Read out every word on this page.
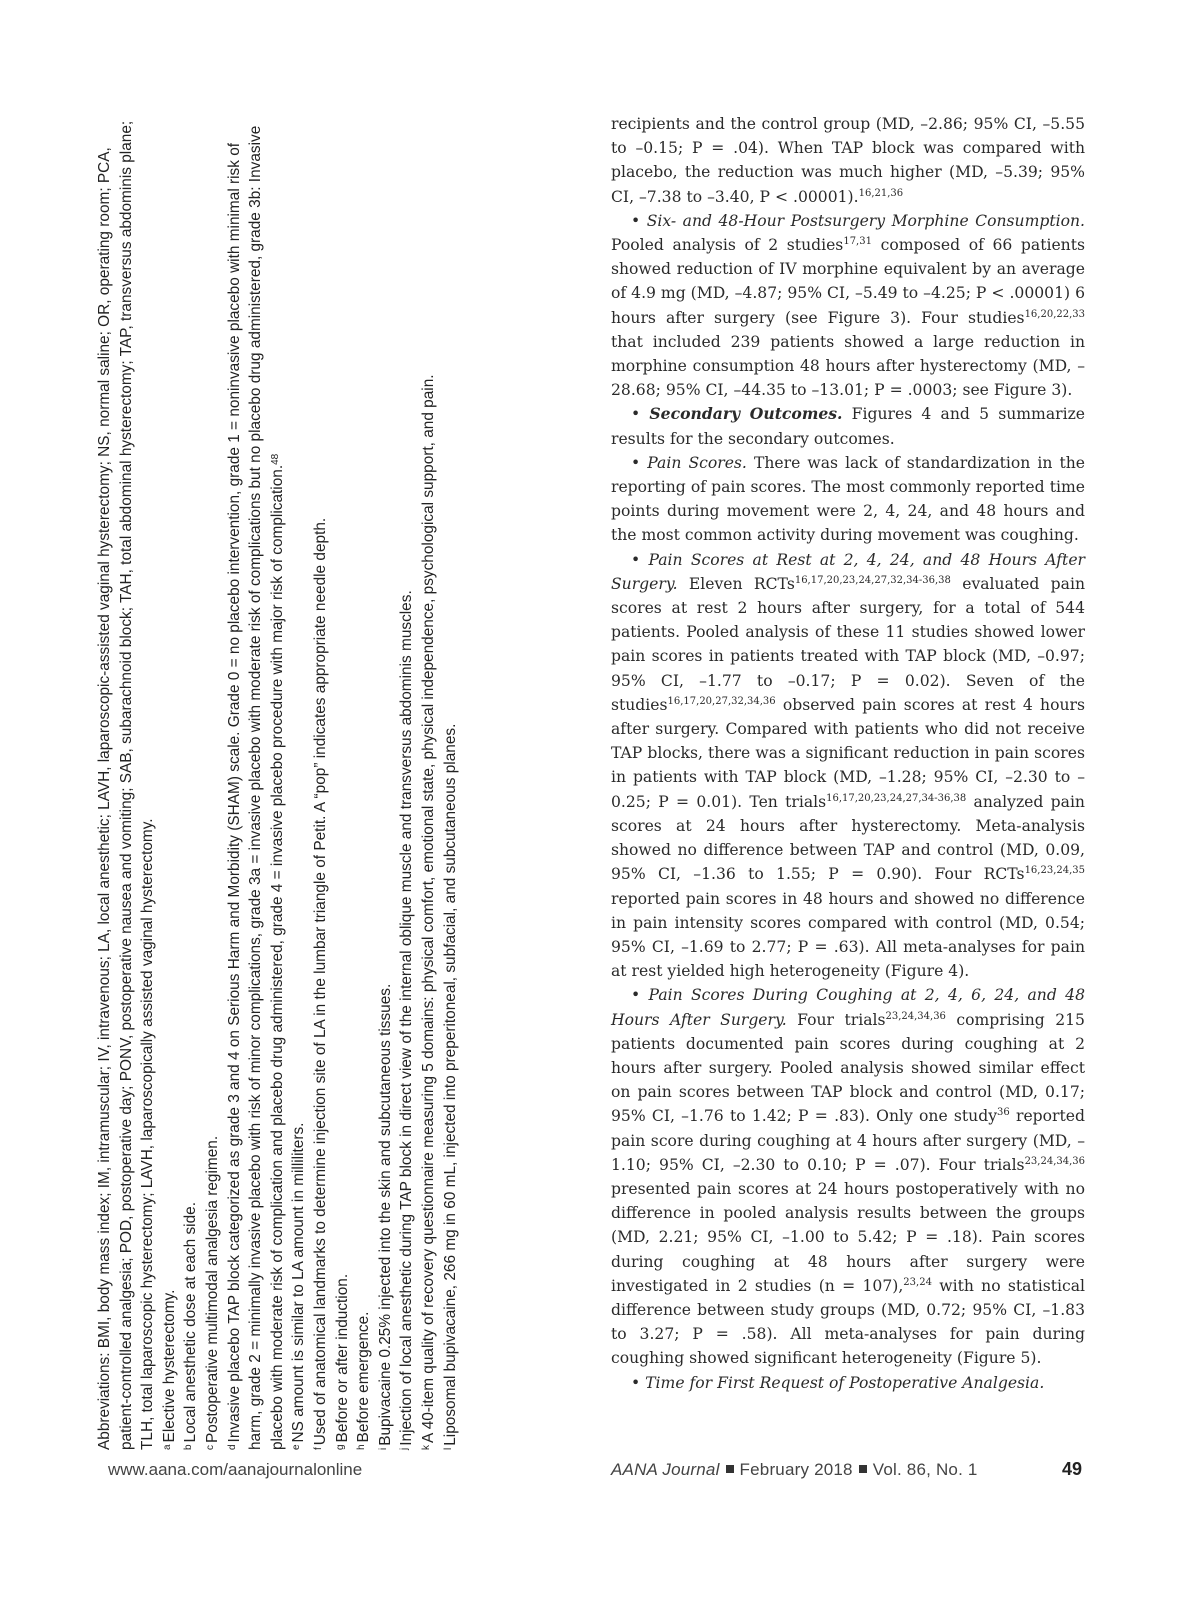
Abbreviations: BMI, body mass index; IM, intramuscular; IV, intravenous; LA, local anesthetic; LAVH, laparoscopic-assisted vaginal hysterectomy; NS, normal saline; OR, operating room; PCA, patient-controlled analgesia; POD, postoperative day; PONV, postoperative nausea and vomiting; SAB, subarachnoid block; TAH, total abdominal hysterectomy; TAP, transversus abdominis plane; TLH, total laparoscopic hysterectomy; LAVH, laparoscopically assisted vaginal hysterectomy. $^a$Elective hysterectomy.

$^b$Local anesthetic dose at each side.

$^c$Postoperative multimodal analgesia regimen.

$^d$Invasive placebo TAP block categorized as grade 3 and 4 on Serious Harm and Morbidity (SHAM) scale. Grade 0 = no placebo intervention, grade 1 = noninvasive placebo with minimal risk of harm, grade 2 = minimally invasive placebo with risk of minor complications, grade 3a = invasive placebo with moderate risk of complications but no placebo drug administered, grade 3b: Invasive placebo with moderate risk of complication and placebo drug administered, grade 4 = invasive placebo procedure with major risk of complication.$^{48}$

$^e$NS amount is similar to LA amount in milliliters.

$^f$Used of anatomical landmarks to determine injection site of LA in the lumbar triangle of Petit. A “pop” indicates appropriate needle depth.

$^g$Before or after induction.

$^h$Before emergence.

$^i$Bupivacaine 0.25% injected into the skin and subcutaneous tissues.

$^j$Injection of local anesthetic during TAP block in direct view of the internal oblique muscle and transversus abdominis muscles.

$^k$A 40-item quality of recovery questionnaire measuring 5 domains: physical comfort, emotional state, physical independence, psychological support, and pain.

$^l$Liposomal bupivacaine, 266 mg in 60 mL, injected into preperitoneal, subfacial, and subcutaneous planes.

recipients and the control group (MD, –2.86; 95% CI, –5.55 to –0.15; P = .04). When TAP block was compared with placebo, the reduction was much higher (MD, –5.39; 95% CI, –7.38 to –3.40, P < .00001).$^{16,21,36}$

• Six- and 48-Hour Postsurgery Morphine Consumption. Pooled analysis of 2 studies$^{17,31}$ composed of 66 patients showed reduction of IV morphine equivalent by an average of 4.9 mg (MD, –4.87; 95% CI, –5.49 to –4.25; P < .00001) 6 hours after surgery (see Figure 3). Four studies$^{16,20,22,33}$ that included 239 patients showed a large reduction in morphine consumption 48 hours after hysterectomy (MD, –28.68; 95% CI, –44.35 to –13.01; P = .0003; see Figure 3).

• Secondary Outcomes. Figures 4 and 5 summarize results for the secondary outcomes.

• Pain Scores. There was lack of standardization in the reporting of pain scores. The most commonly reported time points during movement were 2, 4, 24, and 48 hours and the most common activity during movement was coughing.

• Pain Scores at Rest at 2, 4, 24, and 48 Hours After Surgery. Eleven RCTs$^{16,17,20,23,24,27,32,34-36,38}$ evaluated pain scores at rest 2 hours after surgery, for a total of 544 patients. Pooled analysis of these 11 studies showed lower pain scores in patients treated with TAP block (MD, –0.97; 95% CI, –1.77 to –0.17; P = 0.02). Seven of the studies$^{16,17,20,27,32,34,36}$ observed pain scores at rest 4 hours after surgery. Compared with patients who did not receive TAP blocks, there was a significant reduction in pain scores in patients with TAP block (MD, –1.28; 95% CI, –2.30 to –0.25; P = 0.01). Ten trials$^{16,17,20,23,24,27,34-36,38}$ analyzed pain scores at 24 hours after hysterectomy. Meta-analysis showed no difference between TAP and control (MD, 0.09, 95% CI, –1.36 to 1.55; P = 0.90). Four RCTs$^{16,23,24,35}$ reported pain scores in 48 hours and showed no difference in pain intensity scores compared with control (MD, 0.54; 95% CI, –1.69 to 2.77; P = .63). All meta-analyses for pain at rest yielded high heterogeneity (Figure 4).

• Pain Scores During Coughing at 2, 4, 6, 24, and 48 Hours After Surgery. Four trials$^{23,24,34,36}$ comprising 215 patients documented pain scores during coughing at 2 hours after surgery. Pooled analysis showed similar effect on pain scores between TAP block and control (MD, 0.17; 95% CI, –1.76 to 1.42; P = .83). Only one study$^{36}$ reported pain score during coughing at 4 hours after surgery (MD, –1.10; 95% CI, –2.30 to 0.10; P = .07). Four trials$^{23,24,34,36}$ presented pain scores at 24 hours postoperatively with no difference in pooled analysis results between the groups (MD, 2.21; 95% CI, –1.00 to 5.42; P = .18). Pain scores during coughing at 48 hours after surgery were investigated in 2 studies (n = 107),$^{23,24}$ with no statistical difference between study groups (MD, 0.72; 95% CI, –1.83 to 3.27; P = .58). All meta-analyses for pain during coughing showed significant heterogeneity (Figure 5).

• Time for First Request of Postoperative Analgesia.

www.aana.com/aanajournalonline	AANA Journal February 2018 Vol. 86, No. 1	49
